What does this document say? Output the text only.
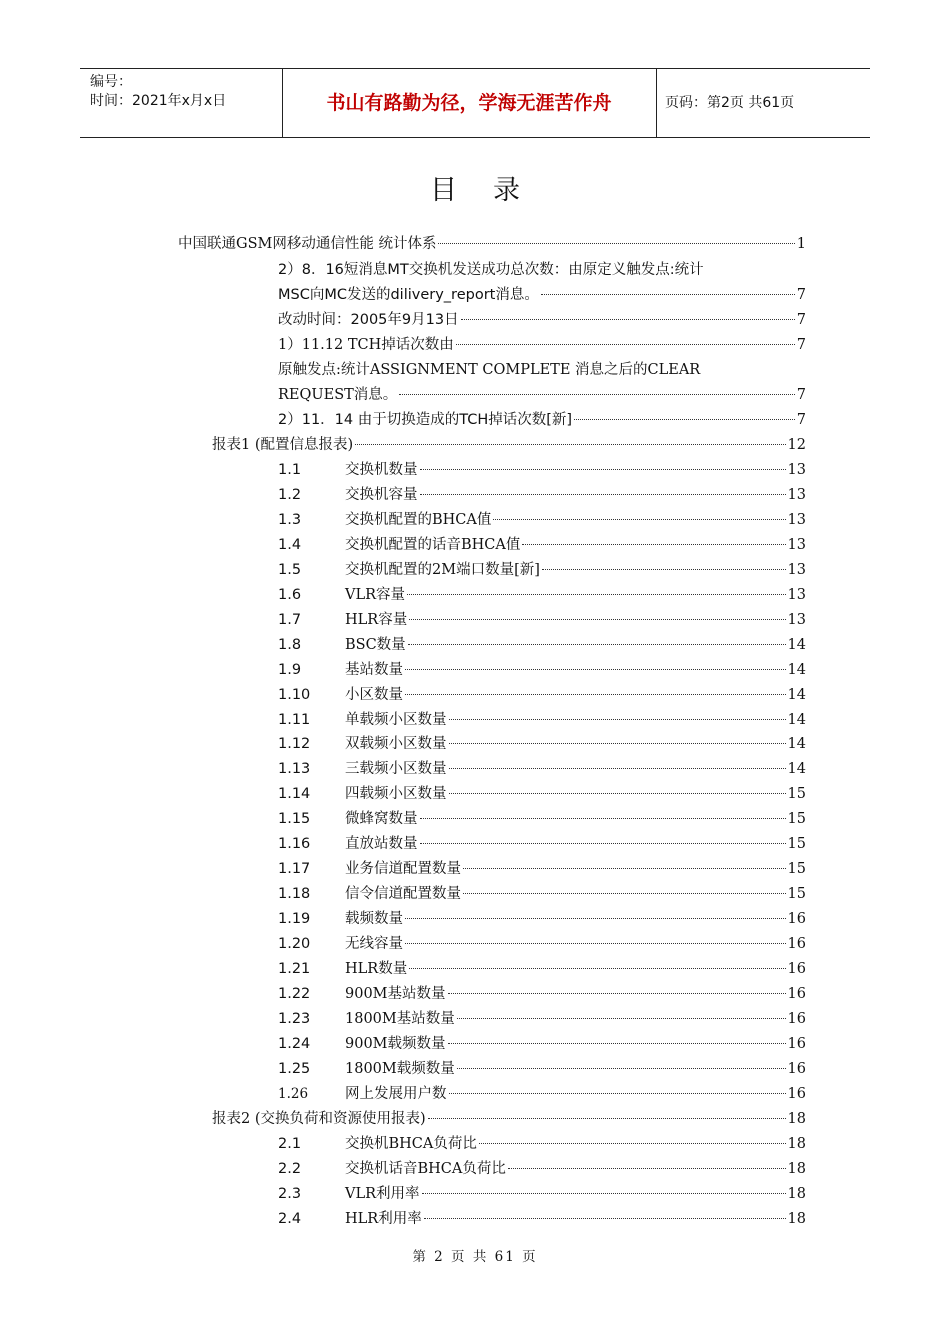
编号：
时间：2021年x月x日	书山有路勤为径，学海无涯苦作舟	页码：第2页 共61页
目录
中国联通GSM网移动通信性能 统计体系	1
2）8．16短消息MT交换机发送成功总次数：由原定义触发点:统计
MSC向MC发送的dilivery_report消息。	7
改动时间：2005年9月13日	7
1）11.12 TCH掉话次数由	7
原触发点:统计ASSIGNMENT COMPLETE 消息之后的CLEAR
REQUEST消息。	7
2）11．14 由于切换造成的TCH掉话次数[新]	7
报表1 (配置信息报表)	12
1.1	交换机数量	13
1.2	交换机容量	13
1.3	交换机配置的BHCA值	13
1.4	交换机配置的话音BHCA值	13
1.5	交换机配置的2M端口数量[新]	13
1.6	VLR容量	13
1.7	HLR容量	13
1.8	BSC数量	14
1.9	基站数量	14
1.10	小区数量	14
1.11	单载频小区数量	14
1.12	双载频小区数量	14
1.13	三载频小区数量	14
1.14	四载频小区数量	15
1.15	微蜂窝数量	15
1.16	直放站数量	15
1.17	业务信道配置数量	15
1.18	信令信道配置数量	15
1.19	载频数量	16
1.20	无线容量	16
1.21	HLR数量	16
1.22	900M基站数量	16
1.23	1800M基站数量	16
1.24	900M载频数量	16
1.25	1800M载频数量	16
1.26	网上发展用户数	16
报表2 (交换负荷和资源使用报表)	18
2.1	交换机BHCA负荷比	18
2.2	交换机话音BHCA负荷比	18
2.3	VLR利用率	18
2.4	HLR利用率	18
第 2 页 共 61 页
